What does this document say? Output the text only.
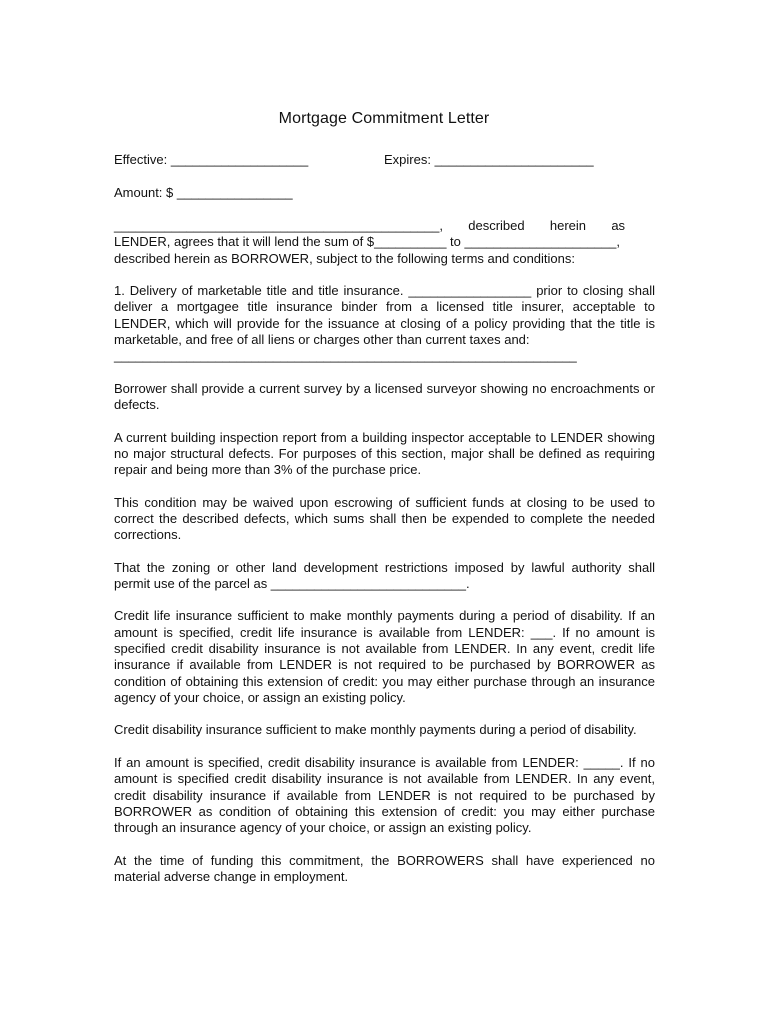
Mortgage Commitment Letter
Effective: ___________________	Expires: ______________________
Amount: $ ________________
_____________________________________________,       described       herein       as
LENDER, agrees that it will lend the sum of $__________ to _____________________,
described herein as BORROWER, subject to the following terms and conditions:
1. Delivery of marketable title and title insurance. _________________ prior to closing shall deliver a mortgagee title insurance binder from a licensed title insurer, acceptable to LENDER, which will provide for the issuance at closing of a policy providing that the title is marketable, and free of all liens or charges other than current taxes and:
________________________________________________________________

Borrower shall provide a current survey by a licensed surveyor showing no encroachments or defects.

A current building inspection report from a building inspector acceptable to LENDER showing no major structural defects. For purposes of this section, major shall be defined as requiring repair and being more than 3% of the purchase price.

This condition may be waived upon escrowing of sufficient funds at closing to be used to correct the described defects, which sums shall then be expended to complete the needed corrections.

That the zoning or other land development restrictions imposed by lawful authority shall permit use of the parcel as ___________________________.

Credit life insurance sufficient to make monthly payments during a period of disability. If an amount is specified, credit life insurance is available from LENDER: ___. If no amount is specified credit disability insurance is not available from LENDER. In any event, credit life insurance if available from LENDER is not required to be purchased by BORROWER as condition of obtaining this extension of credit: you may either purchase through an insurance agency of your choice, or assign an existing policy.

Credit disability insurance sufficient to make monthly payments during a period of disability.

If an amount is specified, credit disability insurance is available from LENDER: _____. If no amount is specified credit disability insurance is not available from LENDER. In any event, credit disability insurance if available from LENDER is not required to be purchased by BORROWER as condition of obtaining this extension of credit: you may either purchase through an insurance agency of your choice, or assign an existing policy.

At the time of funding this commitment, the BORROWERS shall have experienced no material adverse change in employment.
